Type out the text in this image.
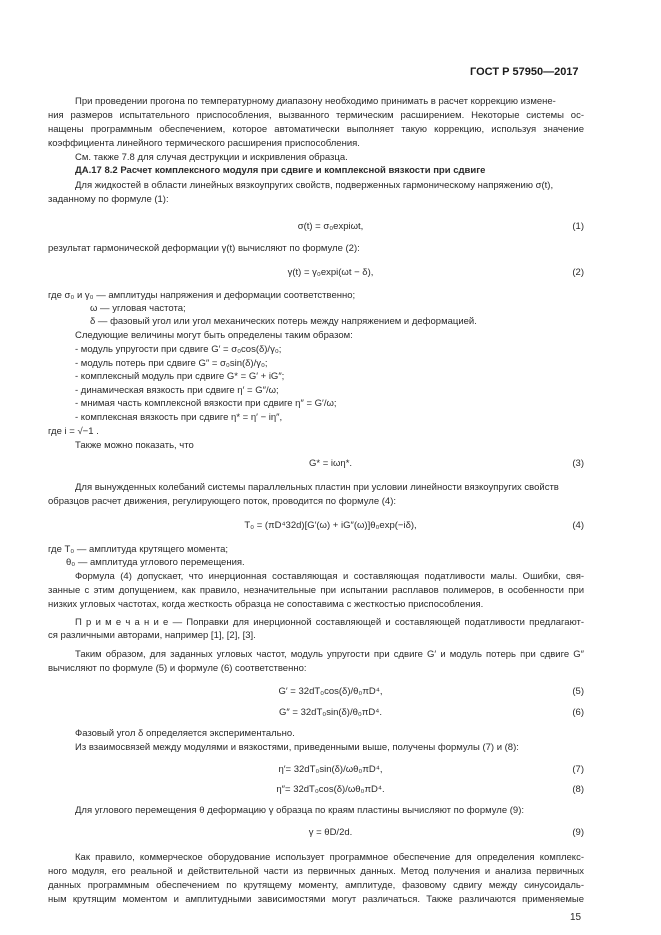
ГОСТ Р 57950—2017
При проведении прогона по температурному диапазону необходимо принимать в расчет коррекцию измене-
ния размеров испытательного приспособления, вызванного термическим расширением. Некоторые системы ос-
нащены программным обеспечением, которое автоматически выполняет такую коррекцию, используя значение
коэффициента линейного термического расширения приспособления.
См. также 7.8 для случая деструкции и искривления образца.
ДА.17 8.2 Расчет комплексного модуля при сдвиге и комплексной вязкости при сдвиге
Для жидкостей в области линейных вязкоупругих свойств, подверженных гармоническому напряжению σ(t),
заданному по формуле (1):
σ(t) = σ₀expiωt,	(1)
результат гармонической деформации γ(t) вычисляют по формуле (2):
γ(t) = γ₀expi(ωt − δ),	(2)
где σ₀ и γ₀ — амплитуды напряжения и деформации соответственно;
ω — угловая частота;
δ — фазовый угол или угол механических потерь между напряжением и деформацией.
Следующие величины могут быть определены таким образом:
- модуль упругости при сдвиге G′ = σ₀cos(δ)/γ₀;
- модуль потерь при сдвиге G″ = σ₀sin(δ)/γ₀;
- комплексный модуль при сдвиге G* = G′ + iG″;
- динамическая вязкость при сдвиге η′ = G″/ω;
- мнимая часть комплексной вязкости при сдвиге η″ = G′/ω;
- комплексная вязкость при сдвиге η* = η′ − iη″,
где i = √−1 .
Также можно показать, что
G* = iωη*.	(3)
Для вынужденных колебаний системы параллельных пластин при условии линейности вязкоупругих свойств
образцов расчет движения, регулирующего поток, проводится по формуле (4):
T₀ = (πD⁴32d)[G′(ω) + iG″(ω)]θ₀exp(−iδ),	(4)
где T₀ — амплитуда крутящего момента;
θ₀ — амплитуда углового перемещения.
Формула (4) допускает, что инерционная составляющая и составляющая податливости малы. Ошибки, свя-
занные с этим допущением, как правило, незначительные при испытании расплавов полимеров, в особенности при
низких угловых частотах, когда жесткость образца не сопоставима с жесткостью приспособления.
П р и м е ч а н и е — Поправки для инерционной составляющей и составляющей податливости предлагают-
ся различными авторами, например [1], [2], [3].
Таким образом, для заданных угловых частот, модуль упругости при сдвиге G′ и модуль потерь при сдвиге G″
вычисляют по формуле (5) и формуле (6) соответственно:
G′ = 32dT₀cos(δ)/θ₀πD⁴,	(5)
G″ = 32dT₀sin(δ)/θ₀πD⁴.	(6)
Фазовый угол δ определяется экспериментально.
Из взаимосвязей между модулями и вязкостями, приведенными выше, получены формулы (7) и (8):
η′= 32dT₀sin(δ)/ωθ₀πD⁴,	(7)
η″= 32dT₀cos(δ)/ωθ₀πD⁴.	(8)
Для углового перемещения θ деформацию γ образца по краям пластины вычисляют по формуле (9):
γ = θD/2d.	(9)
Как правило, коммерческое оборудование использует программное обеспечение для определения комплекс-
ного модуля, его реальной и действительной части из первичных данных. Метод получения и анализа первичных
данных программным обеспечением по крутящему моменту, амплитуде, фазовому сдвигу между синусоидаль-
ным крутящим моментом и амплитудными зависимостями могут различаться. Также различаются применяемые
15
